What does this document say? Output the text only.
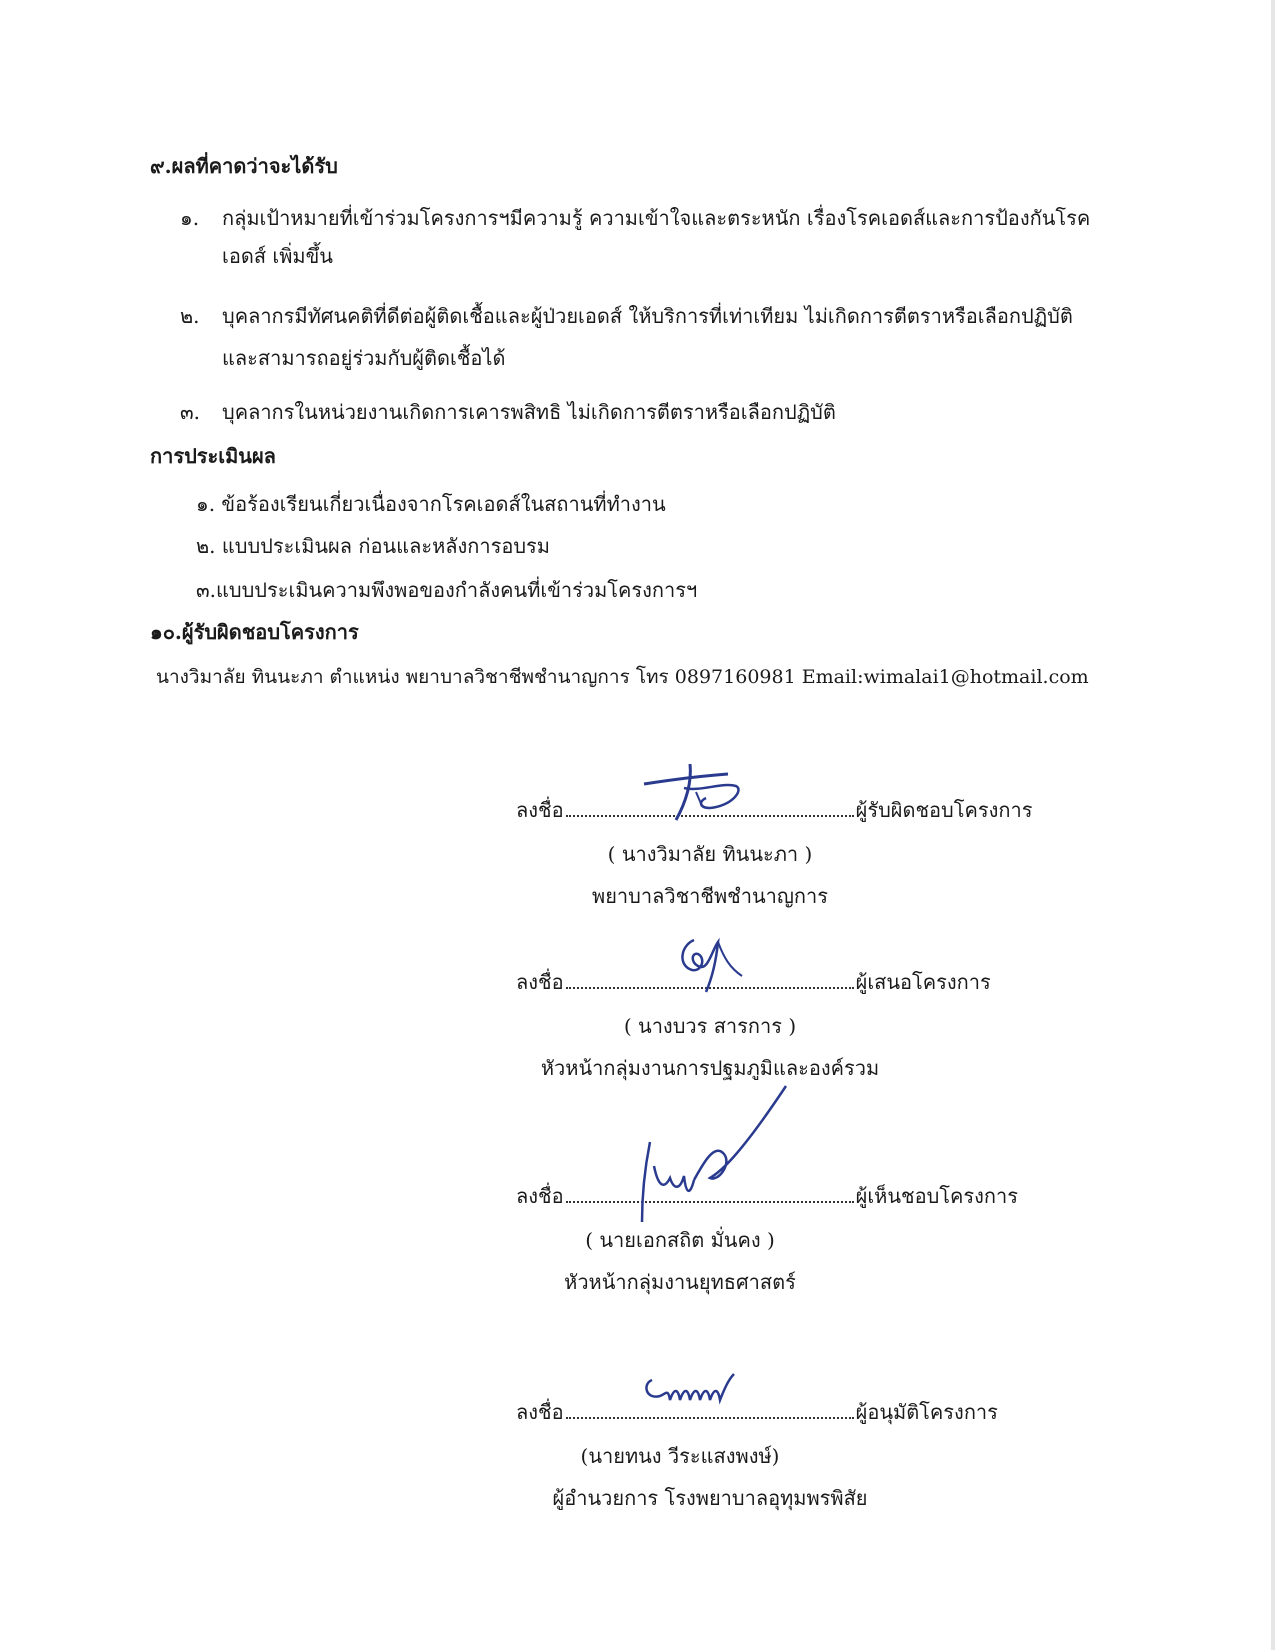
๙.ผลที่คาดว่าจะได้รับ
๑. กลุ่มเป้าหมายที่เข้าร่วมโครงการฯมีความรู้ ความเข้าใจและตระหนัก เรื่องโรคเอดส์และการป้องกันโรค
เอดส์ เพิ่มขึ้น
๒. บุคลากรมีทัศนคติที่ดีต่อผู้ติดเชื้อและผู้ป่วยเอดส์ ให้บริการที่เท่าเทียม ไม่เกิดการตีตราหรือเลือกปฏิบัติ
และสามารถอยู่ร่วมกับผู้ติดเชื้อได้
๓. บุคลากรในหน่วยงานเกิดการเคารพสิทธิ ไม่เกิดการตีตราหรือเลือกปฏิบัติ
การประเมินผล
๑. ข้อร้องเรียนเกี่ยวเนื่องจากโรคเอดส์ในสถานที่ทำงาน
๒. แบบประเมินผล ก่อนและหลังการอบรม
๓.แบบประเมินความพึงพอของกำลังคนที่เข้าร่วมโครงการฯ
๑๐.ผู้รับผิดชอบโครงการ
นางวิมาลัย ทินนะภา ตำแหน่ง พยาบาลวิชาชีพชำนาญการ โทร 0897160981 Email:wimalai1@hotmail.com
ลงชื่อ	ผู้รับผิดชอบโครงการ
( นางวิมาลัย ทินนะภา )
พยาบาลวิชาชีพชำนาญการ
ลงชื่อ	ผู้เสนอโครงการ
( นางบวร สารการ )
หัวหน้ากลุ่มงานการปฐมภูมิและองค์รวม
ลงชื่อ	ผู้เห็นชอบโครงการ
( นายเอกสถิต มั่นคง )
หัวหน้ากลุ่มงานยุทธศาสตร์
ลงชื่อ	ผู้อนุมัติโครงการ
(นายทนง วีระแสงพงษ์)
ผู้อำนวยการ โรงพยาบาลอุทุมพรพิสัย
